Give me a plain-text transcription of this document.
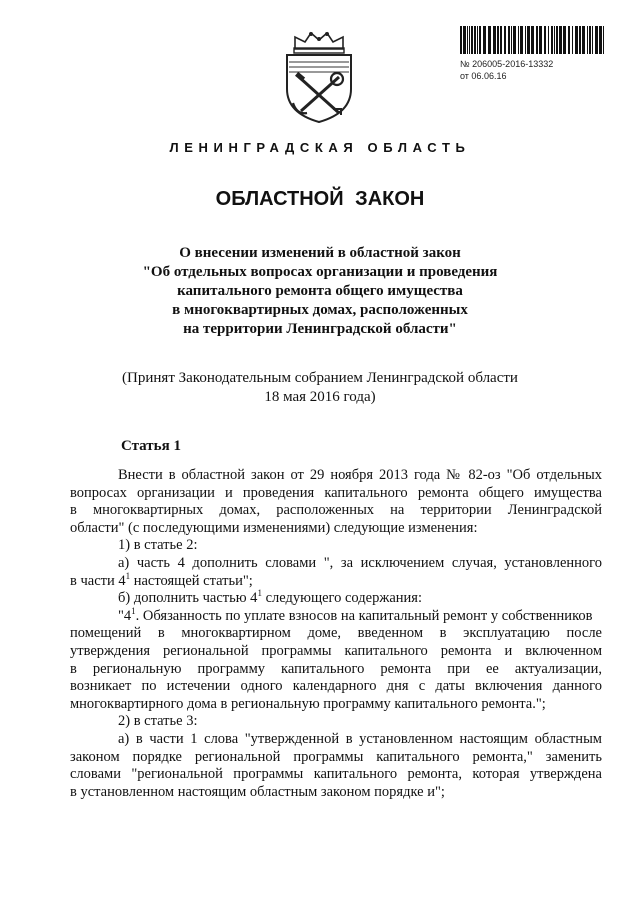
№ 206005-2016-13332
от 06.06.16
ЛЕНИНГРАДСКАЯ ОБЛАСТЬ
ОБЛАСТНОЙ ЗАКОН
О внесении изменений в областной закон
"Об отдельных вопросах организации и проведения
капитального ремонта общего имущества
в многоквартирных домах, расположенных
на территории Ленинградской области"
(Принят Законодательным собранием Ленинградской области
18 мая 2016 года)
Статья 1
Внести в областной закон от 29 ноября 2013 года № 82-оз "Об отдельных
вопросах организации и проведения капитального ремонта общего имущества
в многоквартирных домах, расположенных на территории Ленинградской
области" (с последующими изменениями) следующие изменения:
1) в статье 2:
а) часть 4 дополнить словами ", за исключением случая, установленного
в части $4^1$ настоящей статьи";
б) дополнить частью $4^1$ следующего содержания:
"$4^1$. Обязанность по уплате взносов на капитальный ремонт у собственников
помещений в многоквартирном доме, введенном в эксплуатацию после
утверждения региональной программы капитального ремонта и включенном
в региональную программу капитального ремонта при ее актуализации,
возникает по истечении одного календарного дня с даты включения данного
многоквартирного дома в региональную программу капитального ремонта.";
2) в статье 3:
а) в части 1 слова "утвержденной в установленном настоящим областным
законом порядке региональной программы капитального ремонта," заменить
словами "региональной программы капитального ремонта, которая утверждена
в установленном настоящим областным законом порядке и";
